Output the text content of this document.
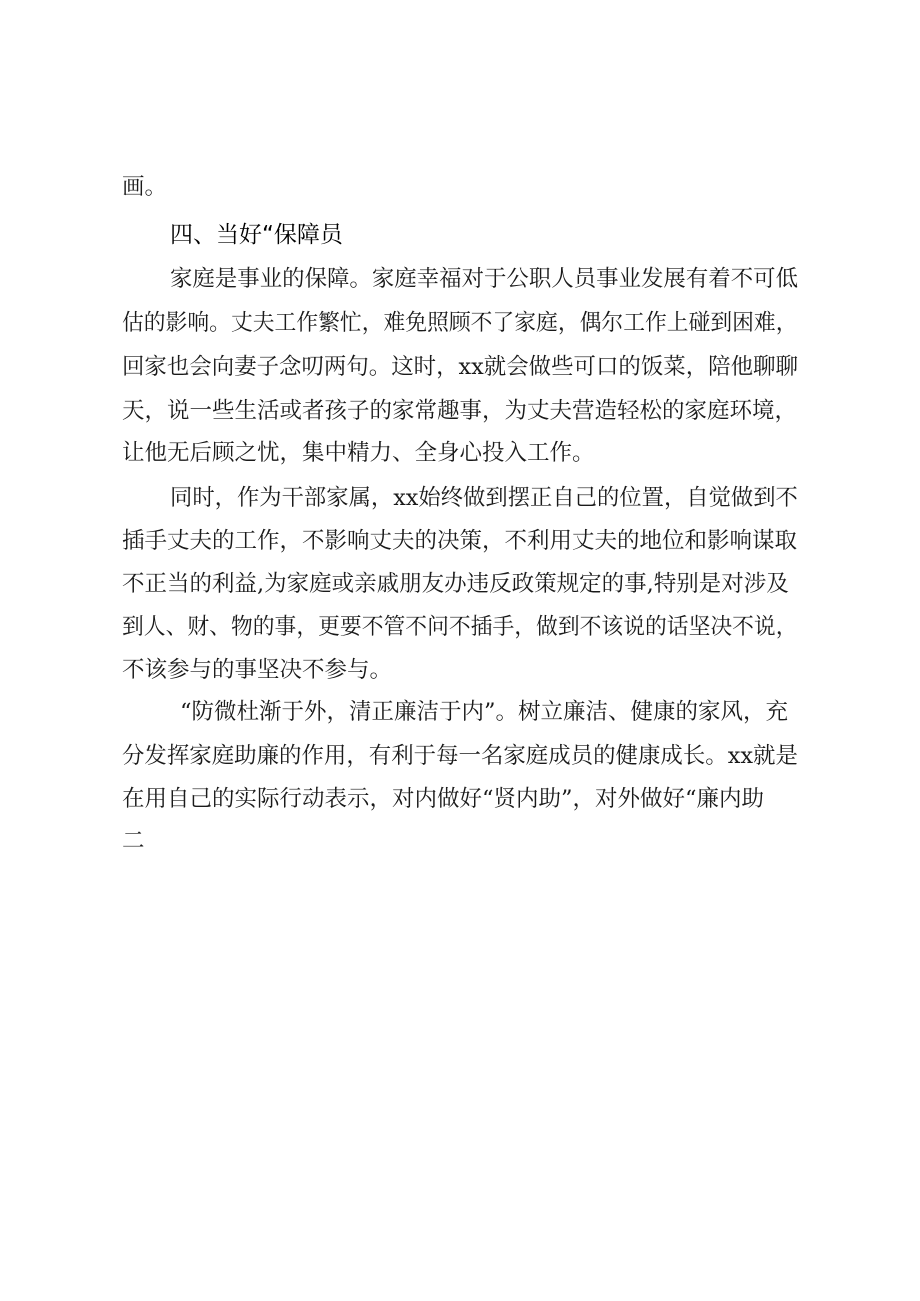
画。
四、当好“保障员
家庭是事业的保障。家庭幸福对于公职人员事业发展有着不可低
估的影响。丈夫工作繁忙，难免照顾不了家庭，偶尔工作上碰到困难，
回家也会向妻子念叨两句。这时，xx就会做些可口的饭菜，陪他聊聊
天，说一些生活或者孩子的家常趣事，为丈夫营造轻松的家庭环境，
让他无后顾之忧，集中精力、全身心投入工作。
同时，作为干部家属，xx始终做到摆正自己的位置，自觉做到不
插手丈夫的工作，不影响丈夫的决策，不利用丈夫的地位和影响谋取
不正当的利益,为家庭或亲戚朋友办违反政策规定的事,特别是对涉及
到人、财、物的事，更要不管不问不插手，做到不该说的话坚决不说，
不该参与的事坚决不参与。
“防微杜渐于外，清正廉洁于内”。树立廉洁、健康的家风，充
分发挥家庭助廉的作用，有利于每一名家庭成员的健康成长。xx就是
在用自己的实际行动表示，对内做好“贤内助”，对外做好“廉内助
二
